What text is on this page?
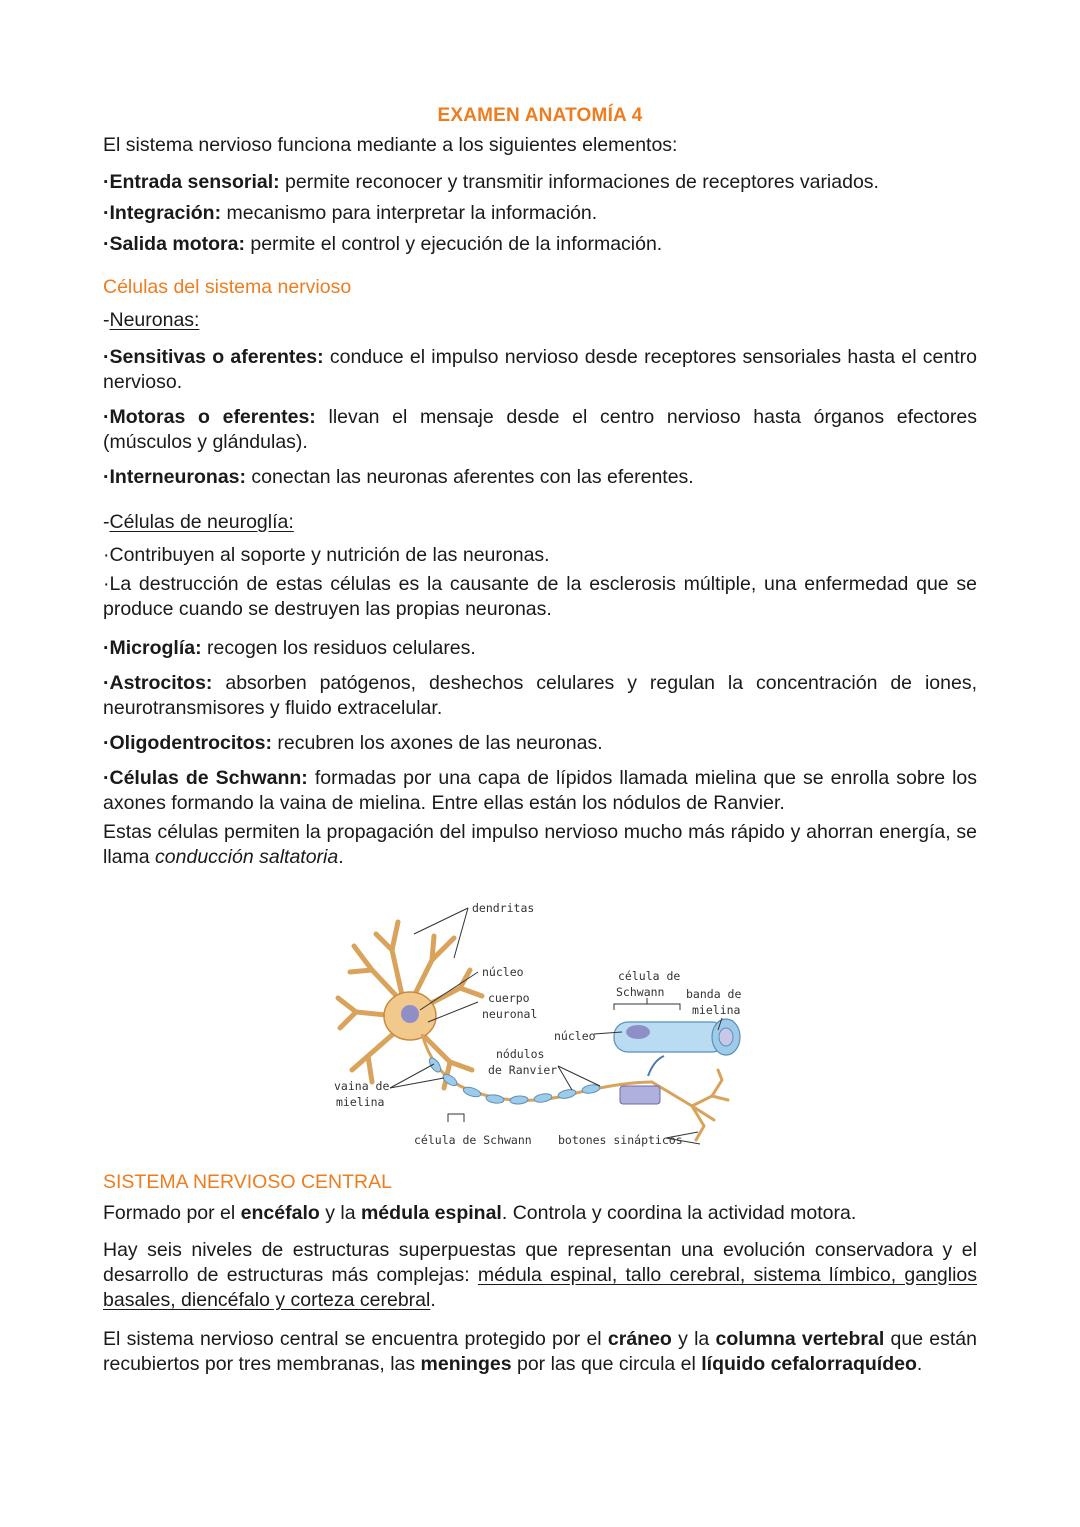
EXAMEN ANATOMÍA 4

El sistema nervioso funciona mediante a los siguientes elementos:

·Entrada sensorial: permite reconocer y transmitir informaciones de receptores variados.

·Integración: mecanismo para interpretar la información.

·Salida motora: permite el control y ejecución de la información.

Células del sistema nervioso

-Neuronas:

·Sensitivas o aferentes: conduce el impulso nervioso desde receptores sensoriales hasta el centro nervioso.

·Motoras o eferentes: llevan el mensaje desde el centro nervioso hasta órganos efectores (músculos y glándulas).

·Interneuronas: conectan las neuronas aferentes con las eferentes.

-Células de neuroglía:

·Contribuyen al soporte y nutrición de las neuronas.

·La destrucción de estas células es la causante de la esclerosis múltiple, una enfermedad que se produce cuando se destruyen las propias neuronas.

·Microglía: recogen los residuos celulares.

·Astrocitos: absorben patógenos, deshechos celulares y regulan la concentración de iones, neurotransmisores y fluido extracelular.

·Oligodentrocitos: recubren los axones de las neuronas.

·Células de Schwann: formadas por una capa de lípidos llamada mielina que se enrolla sobre los axones formando la vaina de mielina. Entre ellas están los nódulos de Ranvier.

Estas células permiten la propagación del impulso nervioso mucho más rápido y ahorran energía, se llama conducción saltatoria.

dendritas
núcleo
cuerpo
neuronal
célula de
Schwann banda de
mielina
núcleo
nódulos
de Ranvier
vaina de
mielina
célula de Schwann botones sinápticos

SISTEMA NERVIOSO CENTRAL

Formado por el encéfalo y la médula espinal. Controla y coordina la actividad motora.

Hay seis niveles de estructuras superpuestas que representan una evolución conservadora y el desarrollo de estructuras más complejas: médula espinal, tallo cerebral, sistema límbico, ganglios basales, diencéfalo y corteza cerebral.

El sistema nervioso central se encuentra protegido por el cráneo y la columna vertebral que están recubiertos por tres membranas, las meninges por las que circula el líquido cefalorraquídeo.
